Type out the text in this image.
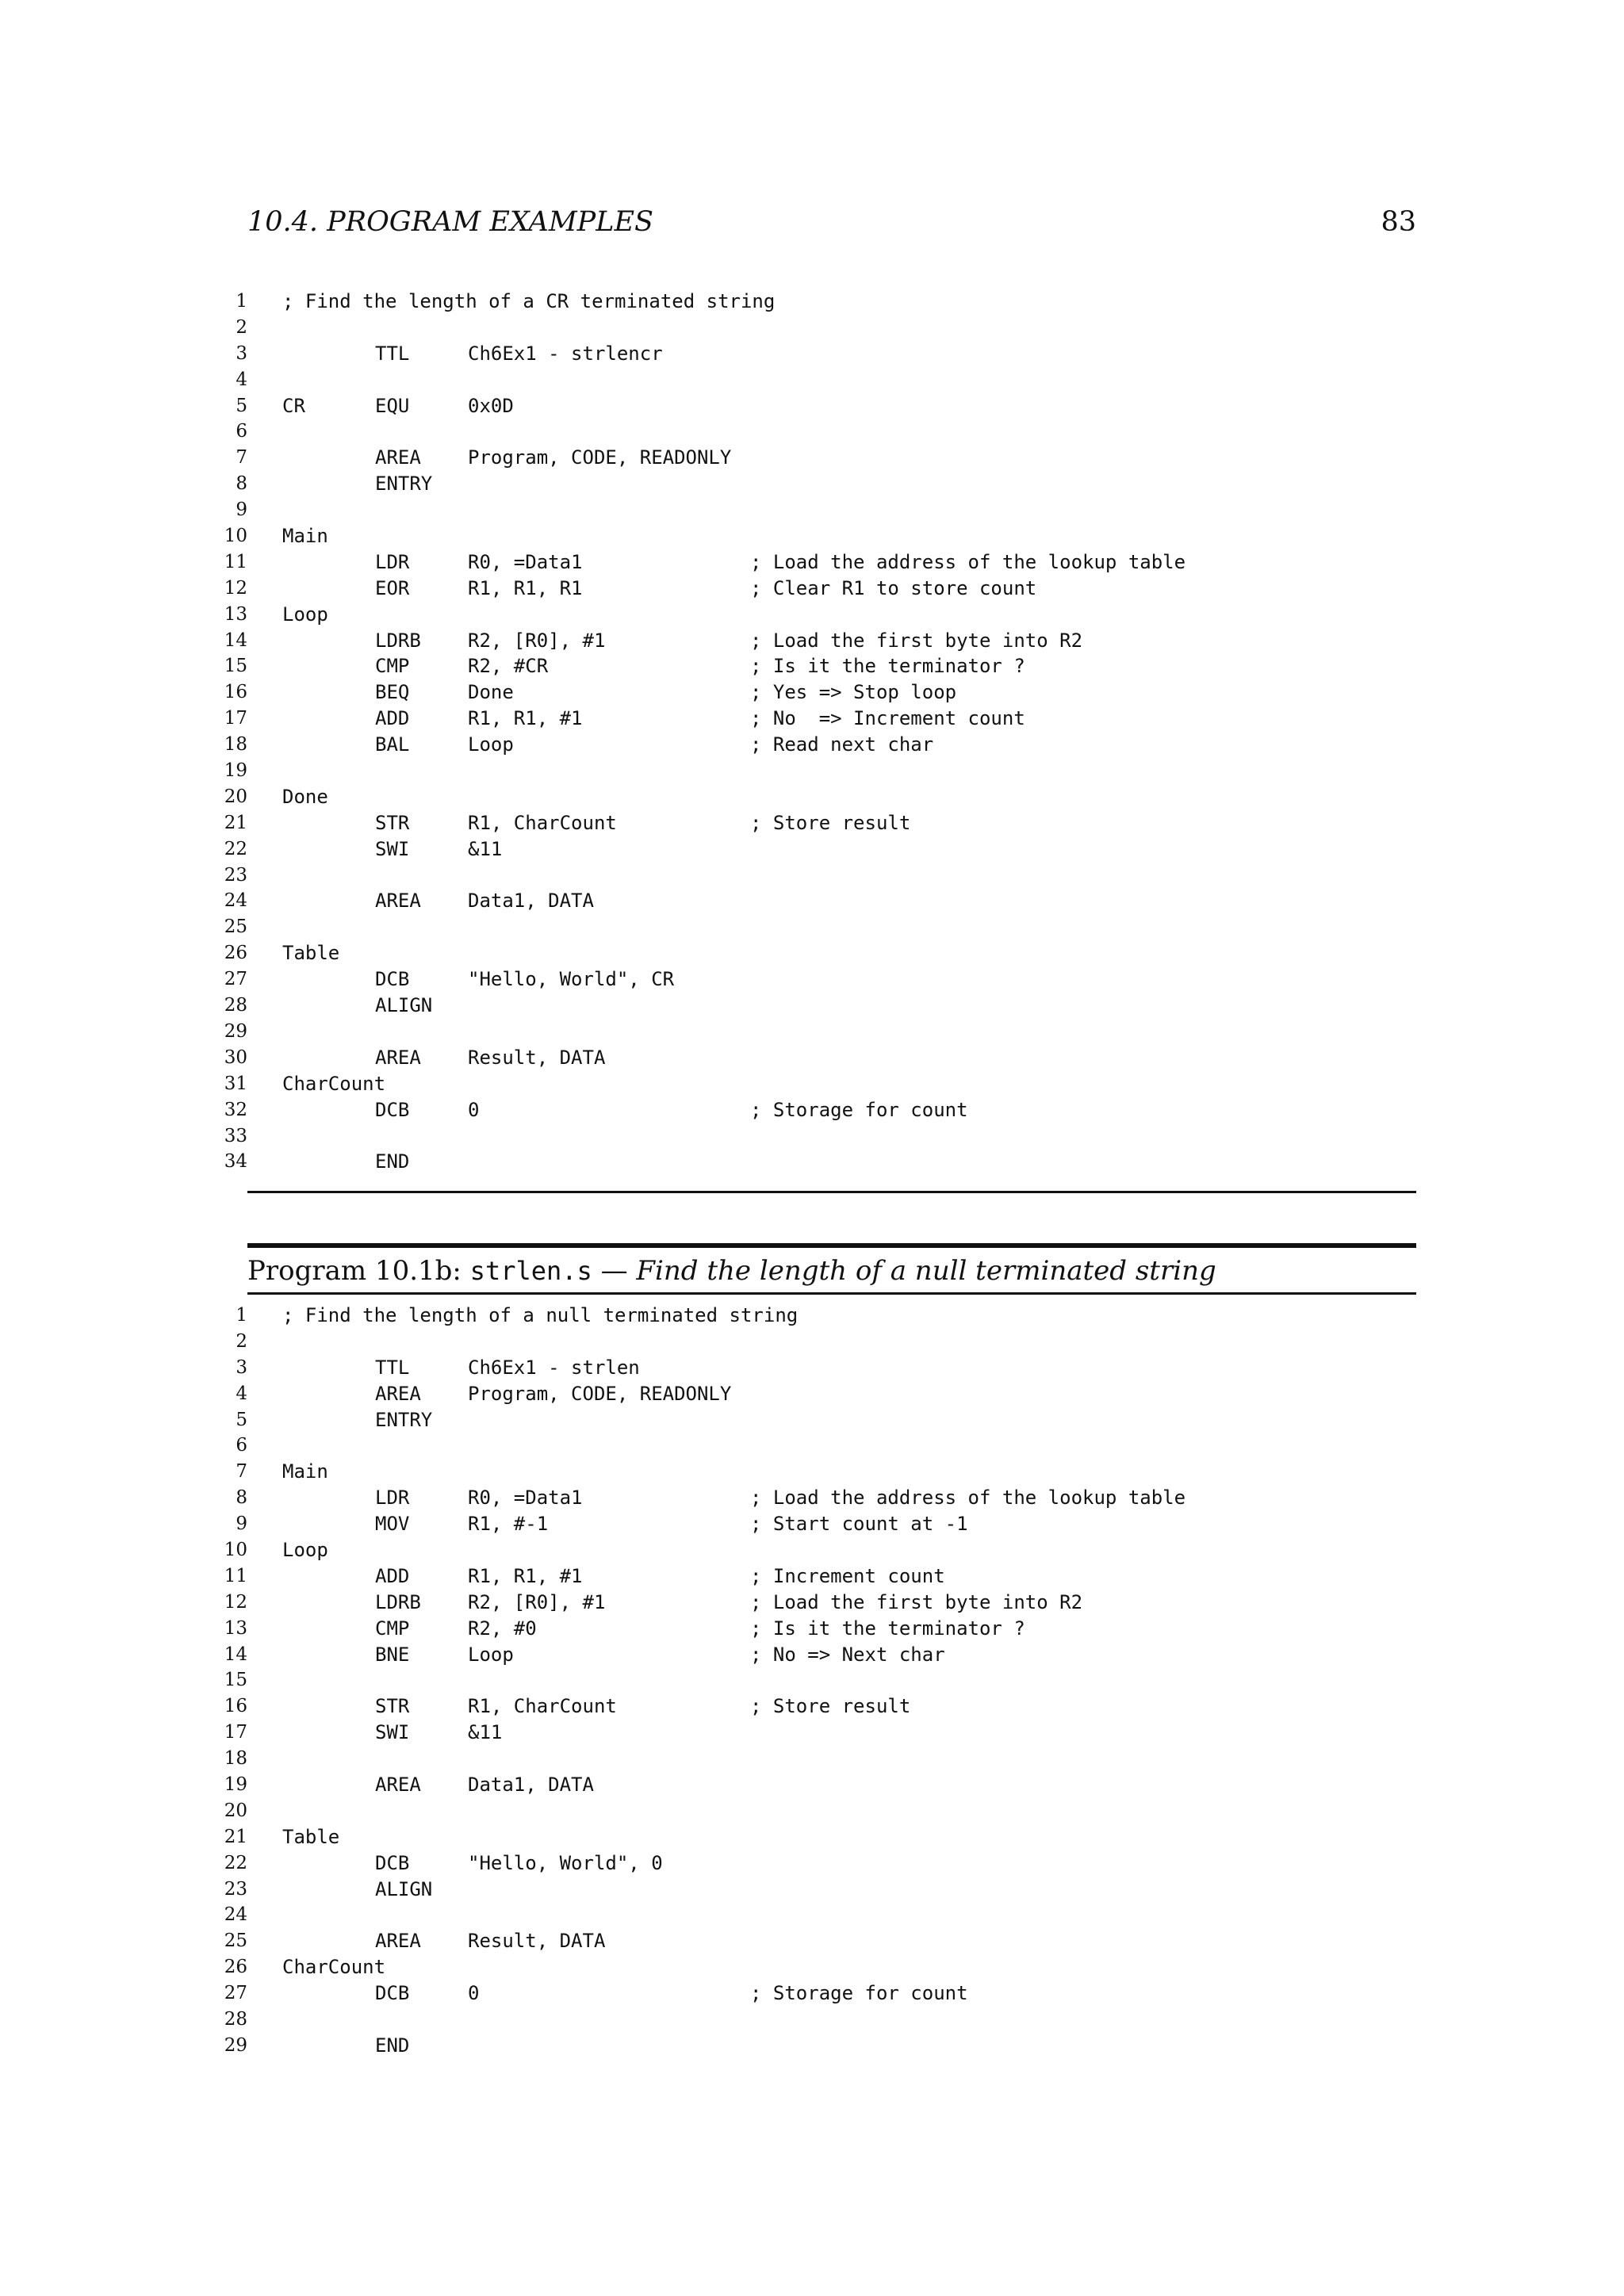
10.4. PROGRAM EXAMPLES	83
1 ; Find the length of a CR terminated string
2
3	TTL	Ch6Ex1 - strlencr
4
5 CR	EQU	0x0D
6
7	AREA Program, CODE, READONLY
8	ENTRY
9
10 Main
11	LDR	R0, =Data1	; Load the address of the lookup table
12	EOR	R1, R1, R1	; Clear R1 to store count
13 Loop
14	LDRB R2, [R0], #1	; Load the first byte into R2
15	CMP	R2, #CR	; Is it the terminator ?
16	BEQ	Done	; Yes => Stop loop
17	ADD	R1, R1, #1	; No  => Increment count
18	BAL	Loop	; Read next char
19
20 Done
21	STR	R1, CharCount	; Store result
22	SWI	&11
23
24	AREA Data1, DATA
25
26 Table
27	DCB	"Hello, World", CR
28	ALIGN
29
30	AREA Result, DATA
31 CharCount
32	DCB	0	; Storage for count
33
34	END
Program 10.1b: strlen.s — Find the length of a null terminated string
1 ; Find the length of a null terminated string
2
3	TTL	Ch6Ex1 - strlen
4	AREA Program, CODE, READONLY
5	ENTRY
6
7 Main
8	LDR	R0, =Data1	; Load the address of the lookup table
9	MOV	R1, #-1	; Start count at -1
10 Loop
11	ADD	R1, R1, #1	; Increment count
12	LDRB R2, [R0], #1	; Load the first byte into R2
13	CMP	R2, #0	; Is it the terminator ?
14	BNE	Loop	; No => Next char
15
16	STR	R1, CharCount	; Store result
17	SWI	&11
18
19	AREA Data1, DATA
20
21 Table
22	DCB	"Hello, World", 0
23	ALIGN
24
25	AREA Result, DATA
26 CharCount
27	DCB	0	; Storage for count
28
29	END
